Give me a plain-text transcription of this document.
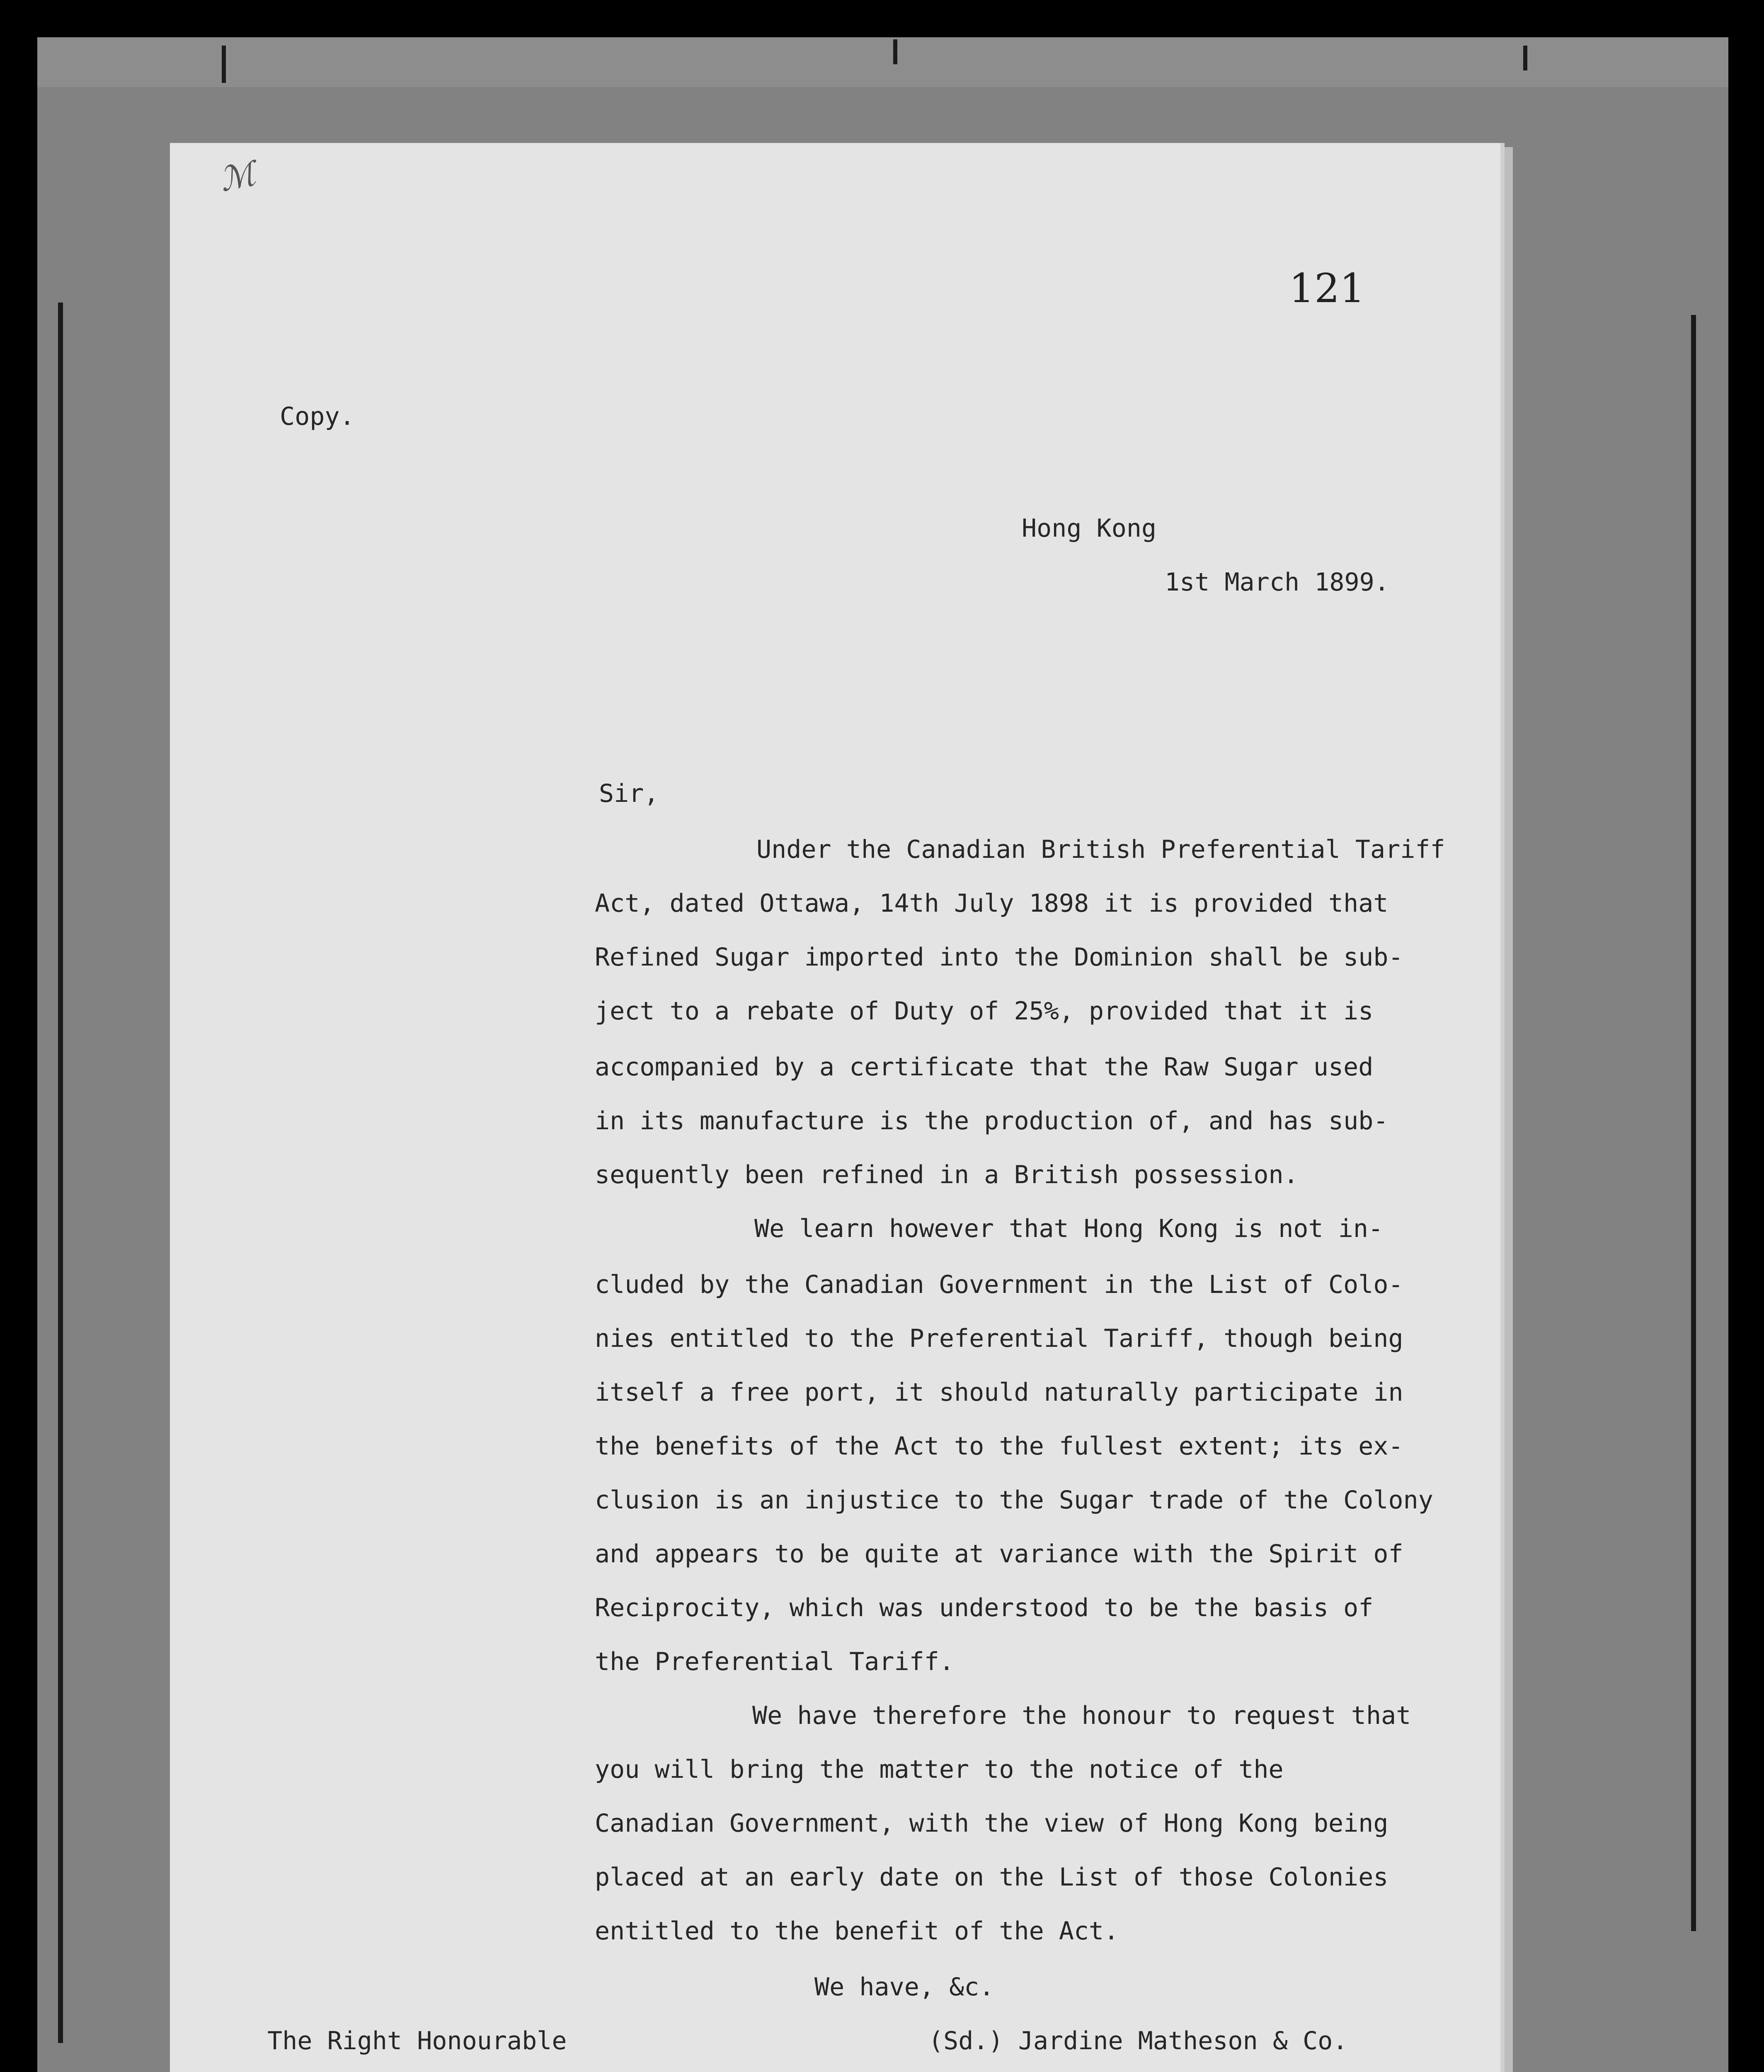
ℳ
121

Copy.

Hong Kong

1st March 1899.

Sir,

Under the Canadian British Preferential Tariff

Act, dated Ottawa, 14th July 1898 it is provided that

Refined Sugar imported into the Dominion shall be sub-

ject to a rebate of Duty of 25%, provided that it is

accompanied by a certificate that the Raw Sugar used

in its manufacture is the production of, and has sub-

sequently been refined in a British possession.

We learn however that Hong Kong is not in-

cluded by the Canadian Government in the List of Colo-

nies entitled to the Preferential Tariff, though being

itself a free port, it should naturally participate in

the benefits of the Act to the fullest extent; its ex-

clusion is an injustice to the Sugar trade of the Colony

and appears to be quite at variance with the Spirit of

Reciprocity, which was understood to be the basis of

the Preferential Tariff.

We have therefore the honour to request that

you will bring the matter to the notice of the

Canadian Government, with the view of Hong Kong being

placed at an early date on the List of those Colonies

entitled to the benefit of the Act.

We have, &c.

The Right Honourable	(Sd.) Jardine Matheson & Co.
